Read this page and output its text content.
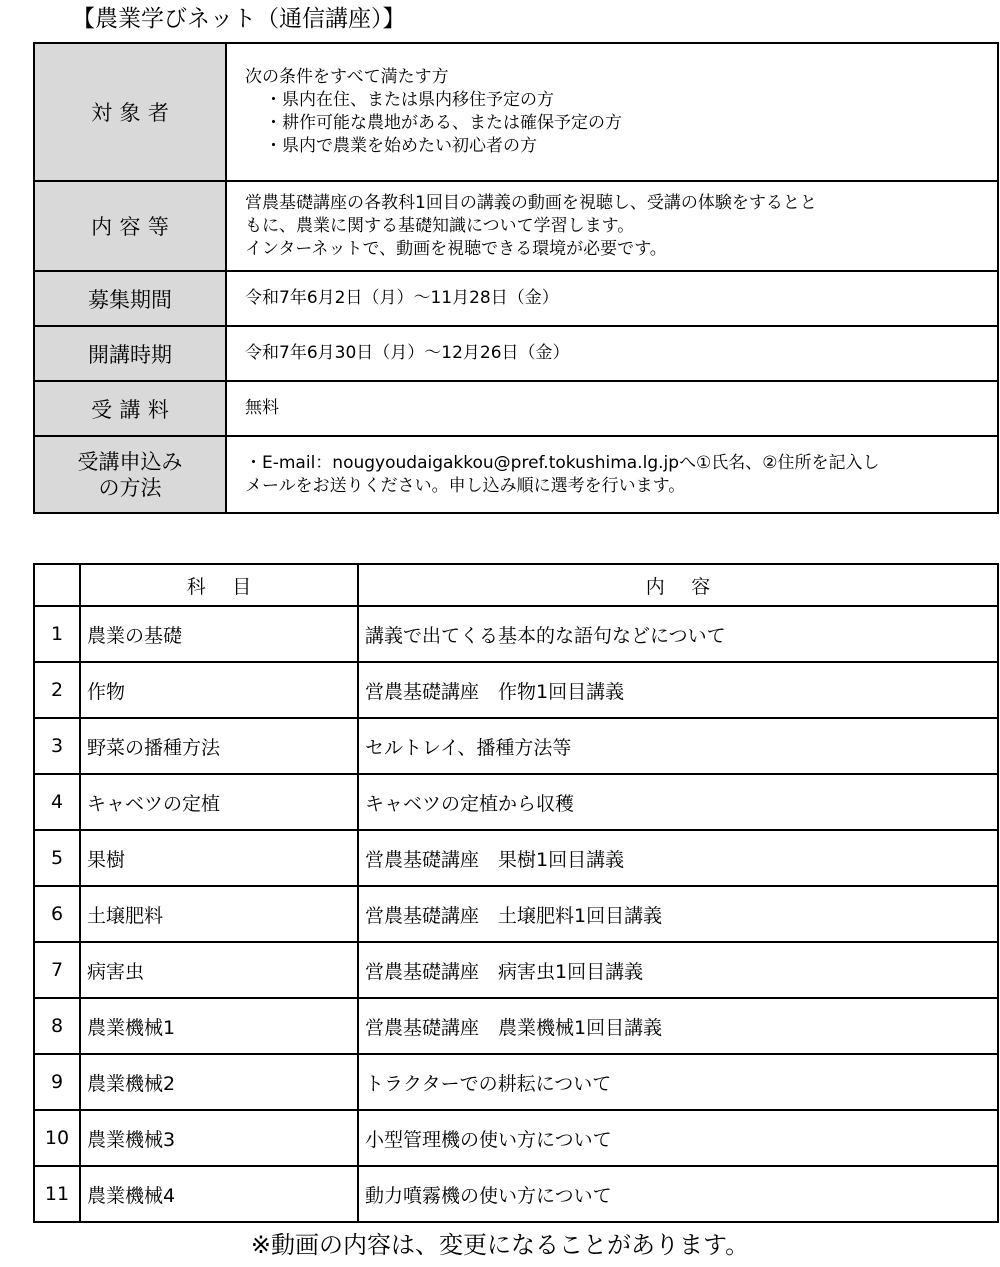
【農業学びネット（通信講座）】
対象者	次の条件をすべて満たす方
・県内在住、または県内移住予定の方
・耕作可能な農地がある、または確保予定の方
・県内で農業を始めたい初心者の方

内容等	営農基礎講座の各教科1回目の講義の動画を視聴し、受講の体験をするとと
もに、農業に関する基礎知識について学習します。
インターネットで、動画を視聴できる環境が必要です。

募集期間	令和7年6月2日（月）～11月28日（金）
開講時期	令和7年6月30日（月）～12月26日（金）
受講料	無料

受講申込み
の方法	・E-mail：nougyoudaigakkou@pref.tokushima.lg.jpへ①氏名、②住所を記入し
メールをお送りください。申し込み順に選考を行います。
	科目	内容
1	農業の基礎	講義で出てくる基本的な語句などについて
2	作物	営農基礎講座　作物1回目講義
3	野菜の播種方法	セルトレイ、播種方法等
4	キャベツの定植	キャベツの定植から収穫
5	果樹	営農基礎講座　果樹1回目講義
6	土壌肥料	営農基礎講座　土壌肥料1回目講義
7	病害虫	営農基礎講座　病害虫1回目講義
8	農業機械1	営農基礎講座　農業機械1回目講義
9	農業機械2	トラクターでの耕耘について
10	農業機械3	小型管理機の使い方について
11	農業機械4	動力噴霧機の使い方について
※動画の内容は、変更になることがあります。
